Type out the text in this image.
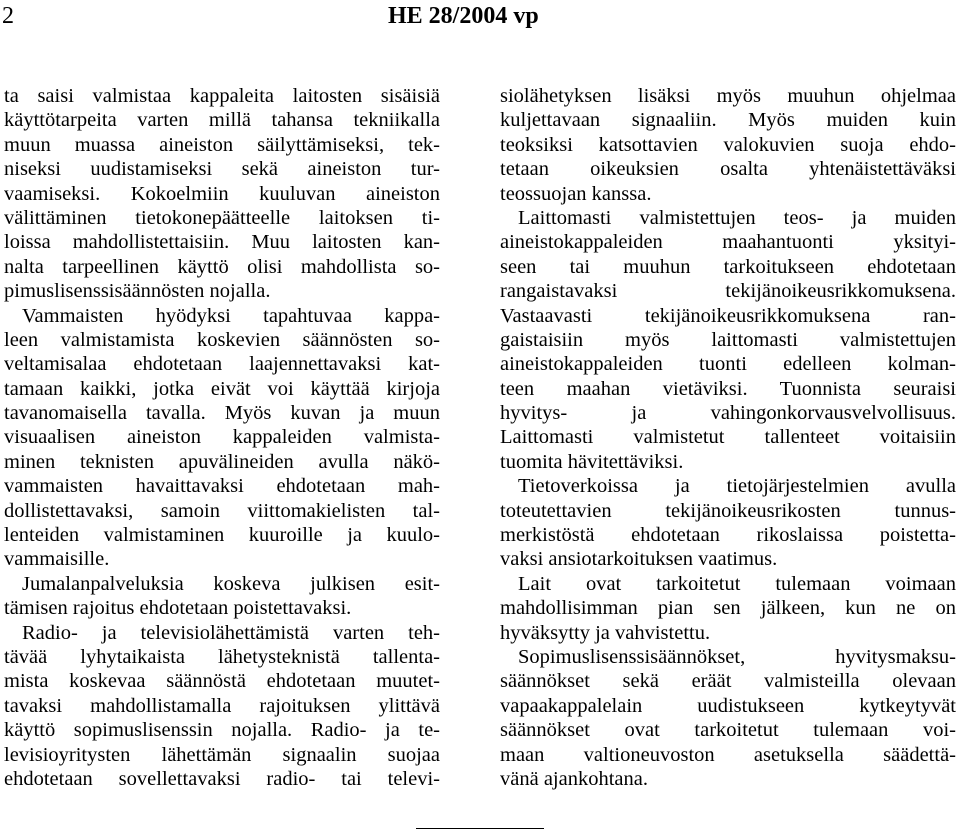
2	HE 28/2004 vp
ta saisi valmistaa kappaleita laitosten sisäisiä
käyttötarpeita varten millä tahansa tekniikalla
muun muassa aineiston säilyttämiseksi, tek-
niseksi uudistamiseksi sekä aineiston tur-
vaamiseksi. Kokoelmiin kuuluvan aineiston
välittäminen tietokonepäätteelle laitoksen ti-
loissa mahdollistettaisiin. Muu laitosten kan-
nalta tarpeellinen käyttö olisi mahdollista so-
pimuslisenssisäännösten nojalla.
Vammaisten hyödyksi tapahtuvaa kappa-
leen valmistamista koskevien säännösten so-
veltamisalaa ehdotetaan laajennettavaksi kat-
tamaan kaikki, jotka eivät voi käyttää kirjoja
tavanomaisella tavalla. Myös kuvan ja muun
visuaalisen aineiston kappaleiden valmista-
minen teknisten apuvälineiden avulla näkö-
vammaisten havaittavaksi ehdotetaan mah-
dollistettavaksi, samoin viittomakielisten tal-
lenteiden valmistaminen kuuroille ja kuulo-
vammaisille.
Jumalanpalveluksia koskeva julkisen esit-
tämisen rajoitus ehdotetaan poistettavaksi.
Radio- ja televisiolähettämistä varten teh-
tävää lyhytaikaista lähetysteknistä tallenta-
mista koskevaa säännöstä ehdotetaan muutet-
tavaksi mahdollistamalla rajoituksen ylittävä
käyttö sopimuslisenssin nojalla. Radio- ja te-
levisioyritysten lähettämän signaalin suojaa
ehdotetaan sovellettavaksi radio- tai televi-
siolähetyksen lisäksi myös muuhun ohjelmaa
kuljettavaan signaaliin. Myös muiden kuin
teoksiksi katsottavien valokuvien suoja ehdo-
tetaan oikeuksien osalta yhtenäistettäväksi
teossuojan kanssa.
Laittomasti valmistettujen teos- ja muiden
aineistokappaleiden maahantuonti yksityi-
seen tai muuhun tarkoitukseen ehdotetaan
rangaistavaksi tekijänoikeusrikkomuksena.
Vastaavasti tekijänoikeusrikkomuksena ran-
gaistaisiin myös laittomasti valmistettujen
aineistokappaleiden tuonti edelleen kolman-
teen maahan vietäviksi. Tuonnista seuraisi
hyvitys- ja vahingonkorvausvelvollisuus.
Laittomasti valmistetut tallenteet voitaisiin
tuomita hävitettäviksi.
Tietoverkoissa ja tietojärjestelmien avulla
toteutettavien tekijänoikeusrikosten tunnus-
merkistöstä ehdotetaan rikoslaissa poistetta-
vaksi ansiotarkoituksen vaatimus.
Lait ovat tarkoitetut tulemaan voimaan
mahdollisimman pian sen jälkeen, kun ne on
hyväksytty ja vahvistettu.
Sopimuslisenssisäännökset, hyvitysmaksu-
säännökset sekä eräät valmisteilla olevaan
vapaakappalelain uudistukseen kytkeytyvät
säännökset ovat tarkoitetut tulemaan voi-
maan valtioneuvoston asetuksella säädettä-
vänä ajankohtana.
